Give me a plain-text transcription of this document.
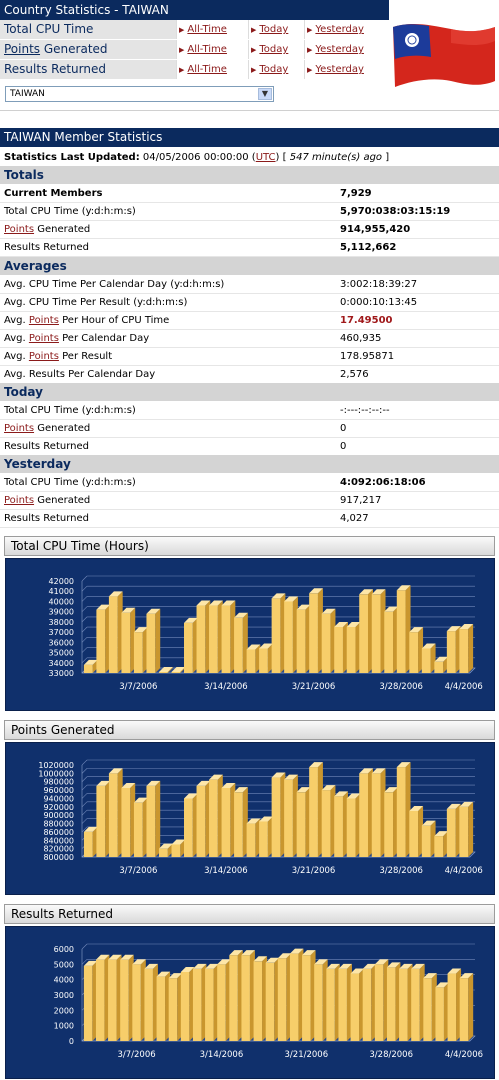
Country Statistics - TAIWAN
Total CPU Time	▶ All-Time	▶ Today	▶ Yesterday
Points Generated	▶ All-Time	▶ Today	▶ Yesterday
Results Returned	▶ All-Time	▶ Today	▶ Yesterday
TAIWAN	▼
TAIWAN Member Statistics
Statistics Last Updated: 04/05/2006 00:00:00 (UTC) [ 547 minute(s) ago ]
Totals
Current Members	7,929
Total CPU Time (y:d:h:m:s)	5,970:038:03:15:19
Points Generated	914,955,420
Results Returned	5,112,662
Averages
Avg. CPU Time Per Calendar Day (y:d:h:m:s)	3:002:18:39:27
Avg. CPU Time Per Result (y:d:h:m:s)	0:000:10:13:45
Avg. Points Per Hour of CPU Time	17.49500
Avg. Points Per Calendar Day	460,935
Avg. Points Per Result	178.95871
Avg. Results Per Calendar Day	2,576
Today
Total CPU Time (y:d:h:m:s)	-:---:--:--:--
Points Generated	0
Results Returned	0
Yesterday
Total CPU Time (y:d:h:m:s)	4:092:06:18:06
Points Generated	917,217
Results Returned	4,027
Total CPU Time (Hours)
33000
34000
35000
36000
37000
38000
39000
40000
41000
42000
3/7/2006	3/14/2006	3/21/2006	3/28/2006	4/4/2006
Points Generated
800000
820000
840000
860000
880000
900000
920000
940000
960000
980000
1000000
1020000
3/7/2006	3/14/2006	3/21/2006	3/28/2006	4/4/2006
Results Returned
0
1000
2000
3000
4000
5000
6000
3/7/2006	3/14/2006	3/21/2006	3/28/2006	4/4/2006
